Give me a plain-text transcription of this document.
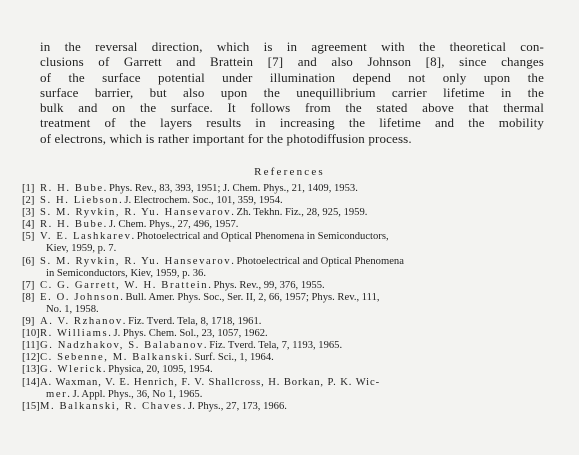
in the reversal direction, which is in agreement with the theoretical con-
clusions of Garrett and Brattein [7] and also Johnson [8], since changes
of the surface potential under illumination depend not only upon the
surface barrier, but also upon the unequillibrium carrier lifetime in the
bulk and on the surface. It follows from the stated above that thermal
treatment of the layers results in increasing the lifetime and the mobility
of electrons, which is rather important for the photodiffusion process.
References
[1] R. H. Bube. Phys. Rev., 83, 393, 1951; J. Chem. Phys., 21, 1409, 1953.
[2] S. H. Liebson. J. Electrochem. Soc., 101, 359, 1954.
[3] S. M. Ryvkin, R. Yu. Hansevarov. Zh. Tekhn. Fiz., 28, 925, 1959.
[4] R. H. Bube. J. Chem. Phys., 27, 496, 1957.
[5] V. E. Lashkarev. Photoelectrical and Optical Phenomena in Semiconductors,
Kiev, 1959, p. 7.
[6] S. M. Ryvkin, R. Yu. Hansevarov. Photoelectrical and Optical Phenomena
in Semiconductors, Kiev, 1959, p. 36.
[7] C. G. Garrett, W. H. Brattein. Phys. Rev., 99, 376, 1955.
[8] E. O. Johnson. Bull. Amer. Phys. Soc., Ser. II, 2, 66, 1957; Phys. Rev., 111,
No. 1, 1958.
[9] A. V. Rzhanov. Fiz. Tverd. Tela, 8, 1718, 1961.
[10] R. Williams. J. Phys. Chem. Sol., 23, 1057, 1962.
[11] G. Nadzhakov, S. Balabanov. Fiz. Tverd. Tela, 7, 1193, 1965.
[12] C. Sebenne, M. Balkanski. Surf. Sci., 1, 1964.
[13] G. Wlerick. Physica, 20, 1095, 1954.
[14] A. Waxman, V. E. Henrich, F. V. Shallcross, H. Borkan, P. K. Wic-
mer. J. Appl. Phys., 36, No 1, 1965.
[15] M. Balkanski, R. Chaves. J. Phys., 27, 173, 1966.
